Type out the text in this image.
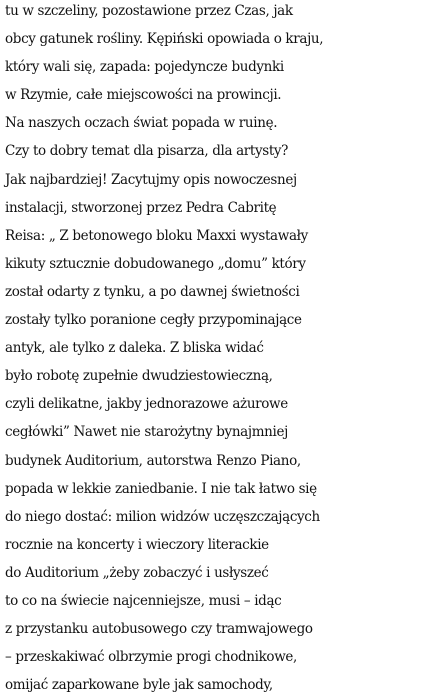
tu w szczeliny, pozostawione przez Czas, jak
obcy gatunek rośliny. Kępiński opowiada o kraju,
który wali się, zapada: pojedyncze budynki
w Rzymie, całe miejscowości na prowincji.
Na naszych oczach świat popada w ruinę.
Czy to dobry temat dla pisarza, dla artysty?
Jak najbardziej! Zacytujmy opis nowoczesnej
instalacji, stworzonej przez Pedra Cabritę
Reisa: „ Z betonowego bloku Maxxi wystawały
kikuty sztucznie dobudowanego „domu” który
został odarty z tynku, a po dawnej świetności
zostały tylko poranione cegły przypominające
antyk, ale tylko z daleka. Z bliska widać
było robotę zupełnie dwudziestowieczną,
czyli delikatne, jakby jednorazowe ażurowe
cegłówki” Nawet nie starożytny bynajmniej
budynek Auditorium, autorstwa Renzo Piano,
popada w lekkie zaniedbanie. I nie tak łatwo się
do niego dostać: milion widzów uczęszczających
rocznie na koncerty i wieczory literackie
do Auditorium „żeby zobaczyć i usłyszeć
to co na świecie najcenniejsze, musi – idąc
z przystanku autobusowego czy tramwajowego
– przeskakiwać olbrzymie progi chodnikowe,
omijać zaparkowane byle jak samochody,
